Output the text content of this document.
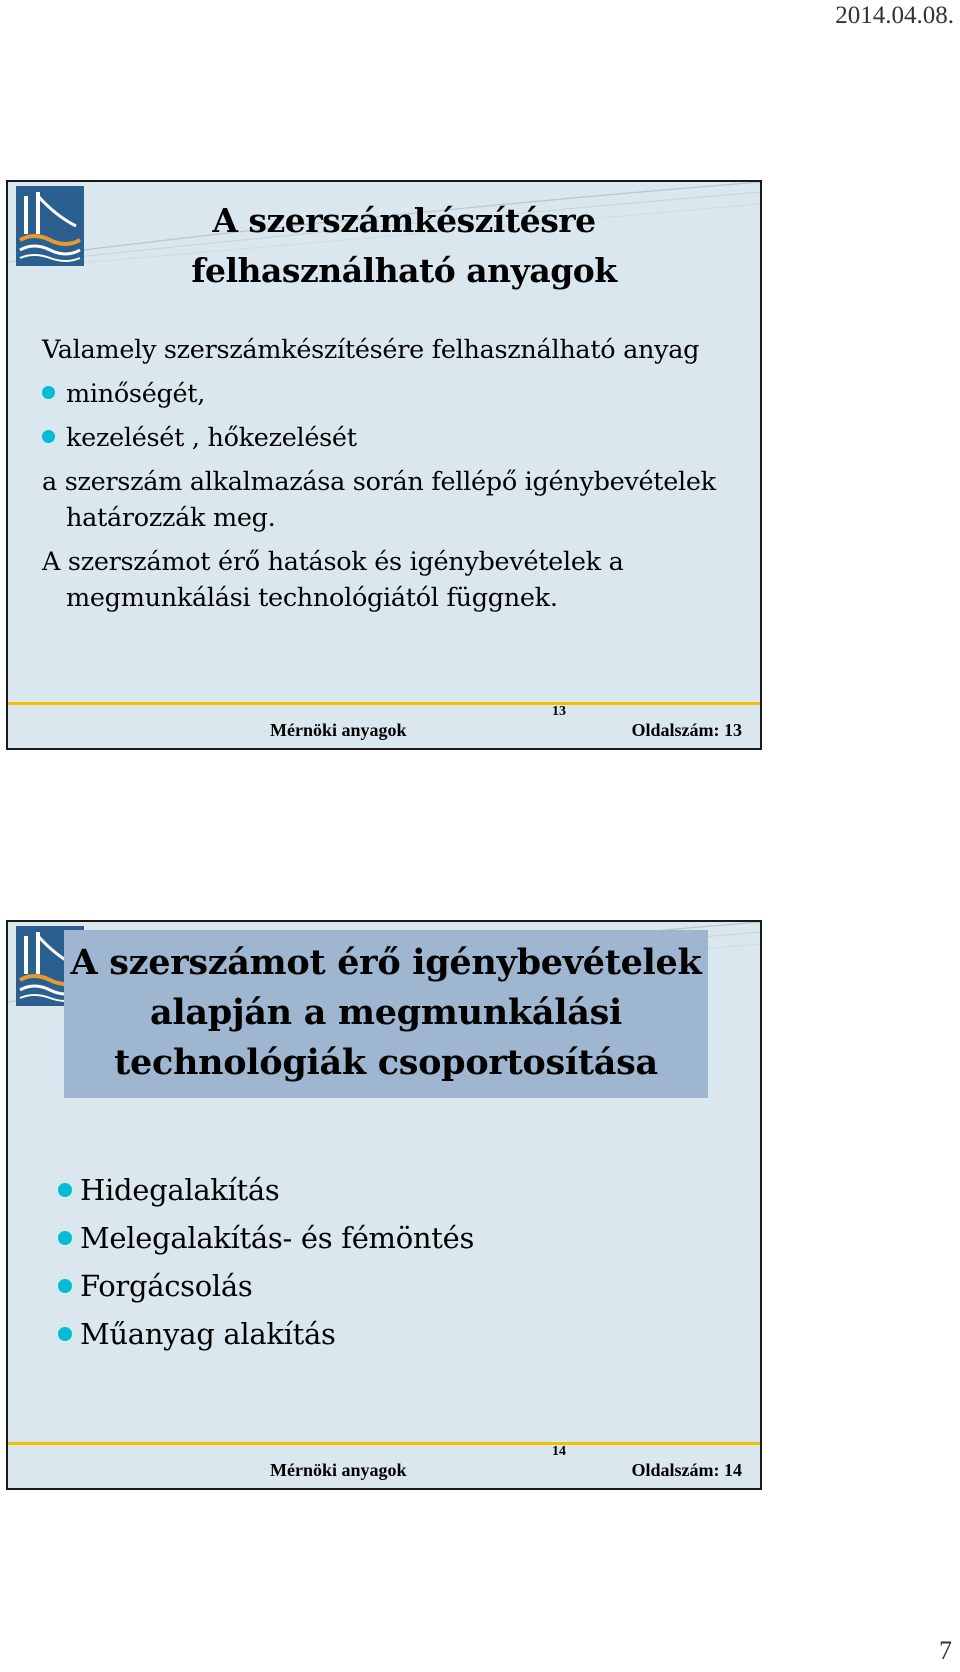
2014.04.08.
A szerszámkészítésre
felhasználható anyagok

Valamely szerszámkészítésére felhasználható anyag

minőségét,
kezelését , hőkezelését

a szerszám alkalmazása során fellépő igénybevételek határozzák meg.

A szerszámot érő hatások és igénybevételek a megmunkálási technológiától függnek.

13
Mérnöki anyagok	Oldalszám: 13
A szerszámot érő igénybevételek
alapján a megmunkálási
technológiák csoportosítása
Hidegalakítás
Melegalakítás- és fémöntés
Forgácsolás
Műanyag alakítás
14
Mérnöki anyagok	Oldalszám: 14
7
